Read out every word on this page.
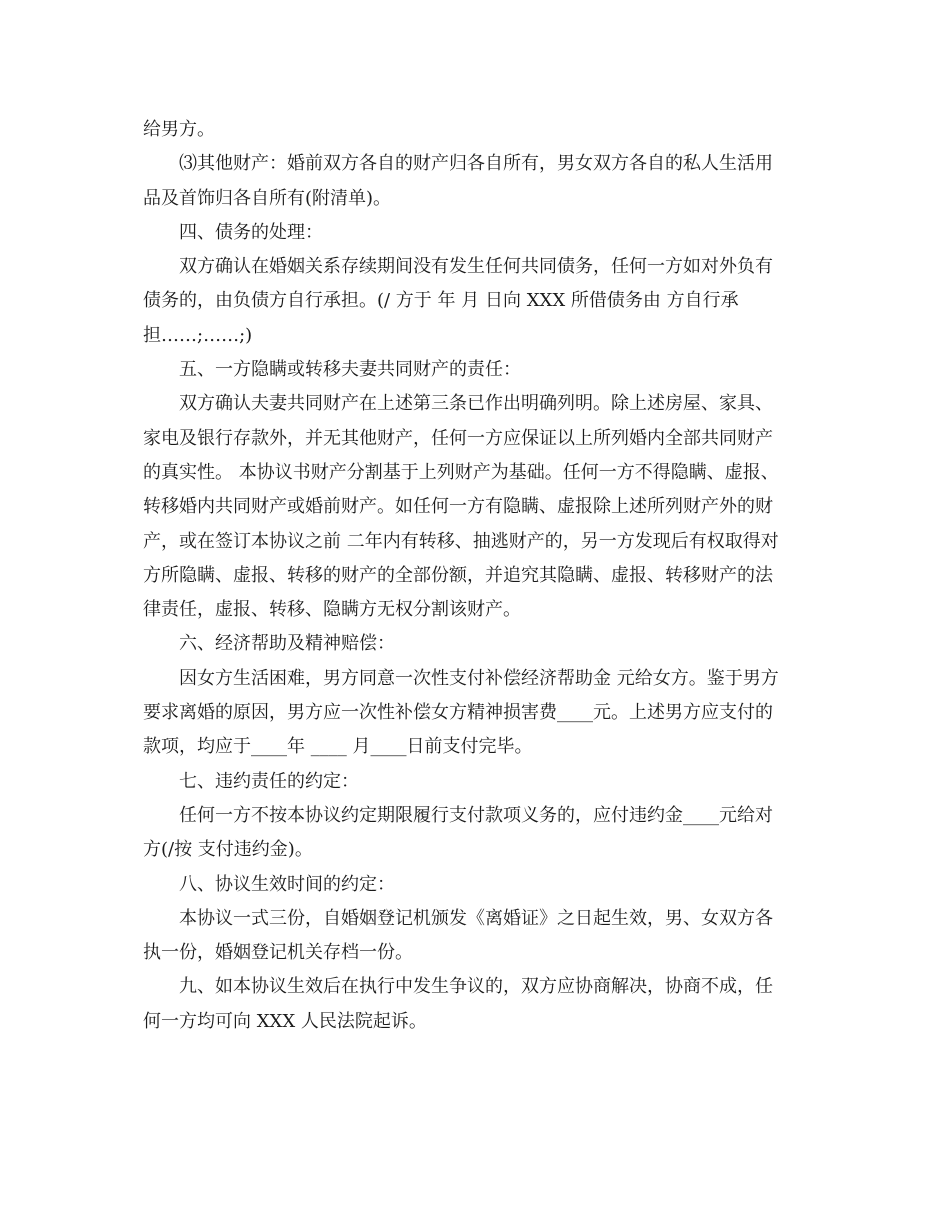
给男方。
⑶其他财产：婚前双方各自的财产归各自所有，男女双方各自的私人生活用
品及首饰归各自所有(附清单)。
四、债务的处理：
双方确认在婚姻关系存续期间没有发生任何共同债务，任何一方如对外负有
债务的，由负债方自行承担。(/ 方于 年 月 日向 XXX 所借债务由 方自行承
担……;……;)
五、一方隐瞒或转移夫妻共同财产的责任：
双方确认夫妻共同财产在上述第三条已作出明确列明。除上述房屋、家具、
家电及银行存款外，并无其他财产，任何一方应保证以上所列婚内全部共同财产
的真实性。 本协议书财产分割基于上列财产为基础。任何一方不得隐瞒、虚报、
转移婚内共同财产或婚前财产。如任何一方有隐瞒、虚报除上述所列财产外的财
产，或在签订本协议之前 二年内有转移、抽逃财产的，另一方发现后有权取得对
方所隐瞒、虚报、转移的财产的全部份额，并追究其隐瞒、虚报、转移财产的法
律责任，虚报、转移、隐瞒方无权分割该财产。
六、经济帮助及精神赔偿：
因女方生活困难，男方同意一次性支付补偿经济帮助金 元给女方。鉴于男方
要求离婚的原因，男方应一次性补偿女方精神损害费____元。上述男方应支付的
款项，均应于____年 ____ 月____日前支付完毕。
七、违约责任的约定：
任何一方不按本协议约定期限履行支付款项义务的，应付违约金____元给对
方(/按 支付违约金)。
八、协议生效时间的约定：
本协议一式三份，自婚姻登记机颁发《离婚证》之日起生效，男、女双方各
执一份，婚姻登记机关存档一份。
九、如本协议生效后在执行中发生争议的，双方应协商解决，协商不成，任
何一方均可向 XXX 人民法院起诉。
